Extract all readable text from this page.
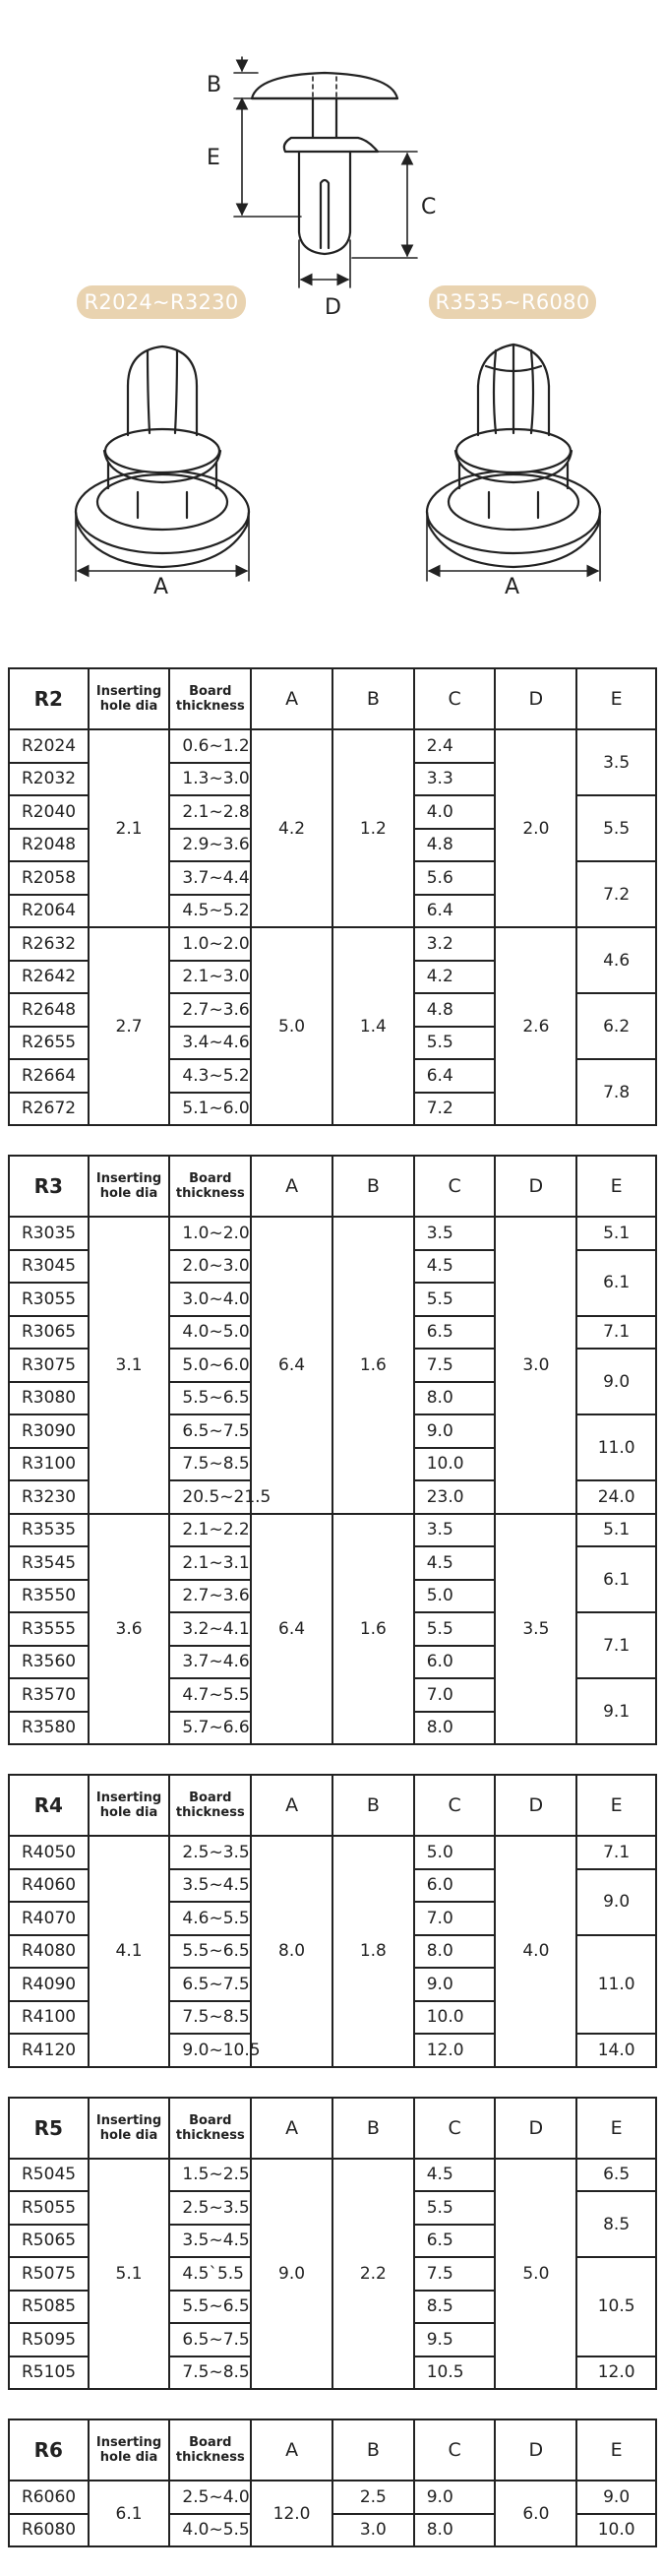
B
E
C
D
A	A
R2024~R3230	R3535~R6080
R2	Inserting
hole dia	Board
thickness	A	B	C	D	E
R2024	2.1	0.6~1.2	4.2	1.2	2.4	2.0	3.5
R2032		1.3~3.0			3.3		
R2040		2.1~2.8			4.0		5.5
R2048		2.9~3.6			4.8		
R2058		3.7~4.4			5.6		7.2
R2064		4.5~5.2			6.4		
R2632	2.7	1.0~2.0	5.0	1.4	3.2	2.6	4.6
R2642		2.1~3.0			4.2		
R2648		2.7~3.6			4.8		6.2
R2655		3.4~4.6			5.5		
R2664		4.3~5.2			6.4		7.8
R2672		5.1~6.0			7.2		
R3	Inserting
hole dia	Board
thickness	A	B	C	D	E
R3035	3.1	1.0~2.0	6.4	1.6	3.5	3.0	5.1
R3045		2.0~3.0			4.5		6.1
R3055		3.0~4.0			5.5		
R3065		4.0~5.0			6.5		7.1
R3075		5.0~6.0			7.5		9.0
R3080		5.5~6.5			8.0		
R3090		6.5~7.5			9.0		11.0
R3100		7.5~8.5			10.0		
R3230		20.5~21.5			23.0		24.0
R3535	3.6	2.1~2.2	6.4	1.6	3.5	3.5	5.1
R3545		2.1~3.1			4.5		6.1
R3550		2.7~3.6			5.0		
R3555		3.2~4.1			5.5		7.1
R3560		3.7~4.6			6.0		
R3570		4.7~5.5			7.0		9.1
R3580		5.7~6.6			8.0		
R4	Inserting
hole dia	Board
thickness	A	B	C	D	E
R4050	4.1	2.5~3.5	8.0	1.8	5.0	4.0	7.1
R4060		3.5~4.5			6.0		9.0
R4070		4.6~5.5			7.0		
R4080		5.5~6.5			8.0		11.0
R4090		6.5~7.5			9.0		
R4100		7.5~8.5			10.0		
R4120		9.0~10.5			12.0		14.0
R5	Inserting
hole dia	Board
thickness	A	B	C	D	E
R5045	5.1	1.5~2.5	9.0	2.2	4.5	5.0	6.5
R5055		2.5~3.5			5.5		8.5
R5065		3.5~4.5			6.5		
R5075		4.5`5.5			7.5		10.5
R5085		5.5~6.5			8.5		
R5095		6.5~7.5			9.5		
R5105		7.5~8.5			10.5		12.0
R6	Inserting
hole dia	Board
thickness	A	B	C	D	E
R6060	6.1	2.5~4.0	12.0	2.5	9.0	6.0	9.0
R6080		4.0~5.5		3.0	8.0		10.0
